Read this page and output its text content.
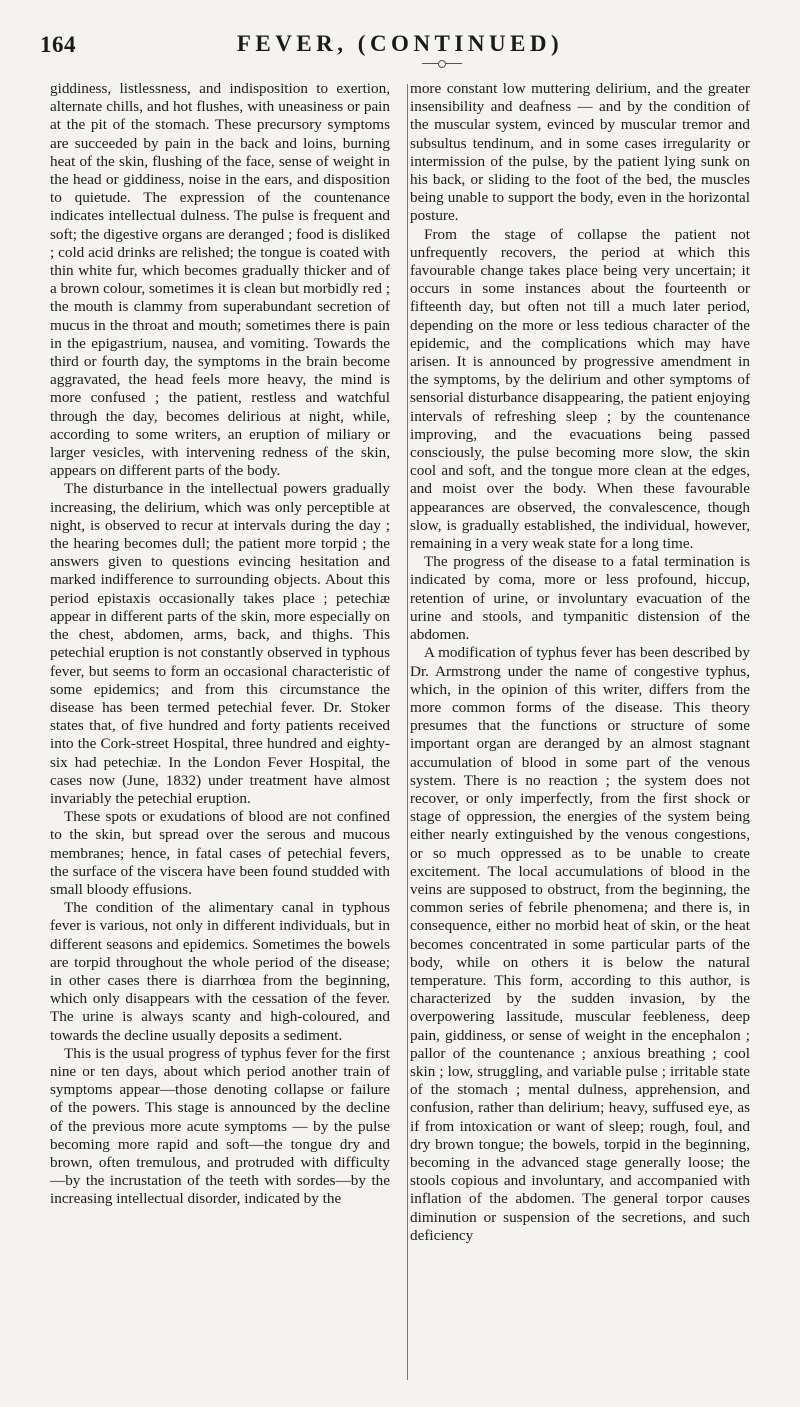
164	FEVER, (CONTINUED)

giddiness, listlessness, and indisposition to exertion, alternate chills, and hot flushes, with uneasiness or pain at the pit of the stomach. These precursory symptoms are succeeded by pain in the back and loins, burning heat of the skin, flushing of the face, sense of weight in the head or giddiness, noise in the ears, and disposition to quietude. The expression of the countenance indicates intellectual dulness. The pulse is frequent and soft; the digestive organs are deranged ; food is disliked ; cold acid drinks are relished; the tongue is coated with thin white fur, which becomes gradually thicker and of a brown colour, sometimes it is clean but morbidly red ; the mouth is clammy from superabundant secretion of mucus in the throat and mouth; sometimes there is pain in the epigastrium, nausea, and vomiting. Towards the third or fourth day, the symptoms in the brain become aggravated, the head feels more heavy, the mind is more confused ; the patient, restless and watchful through the day, becomes delirious at night, while, according to some writers, an eruption of miliary or larger vesicles, with intervening redness of the skin, appears on different parts of the body.

The disturbance in the intellectual powers gradually increasing, the delirium, which was only perceptible at night, is observed to recur at intervals during the day ; the hearing becomes dull; the patient more torpid ; the answers given to questions evincing hesitation and marked indifference to surrounding objects. About this period epistaxis occasionally takes place ; petechiæ appear in different parts of the skin, more especially on the chest, abdomen, arms, back, and thighs. This petechial eruption is not constantly observed in typhous fever, but seems to form an occasional characteristic of some epidemics; and from this circumstance the disease has been termed petechial fever. Dr. Stoker states that, of five hundred and forty patients received into the Cork-street Hospital, three hundred and eighty-six had petechiæ. In the London Fever Hospital, the cases now (June, 1832) under treatment have almost invariably the petechial eruption.

These spots or exudations of blood are not confined to the skin, but spread over the serous and mucous membranes; hence, in fatal cases of petechial fevers, the surface of the viscera have been found studded with small bloody effusions.

The condition of the alimentary canal in typhous fever is various, not only in different individuals, but in different seasons and epidemics. Sometimes the bowels are torpid throughout the whole period of the disease; in other cases there is diarrhœa from the beginning, which only disappears with the cessation of the fever. The urine is always scanty and high-coloured, and towards the decline usually deposits a sediment.

This is the usual progress of typhus fever for the first nine or ten days, about which period another train of symptoms appear—those denoting collapse or failure of the powers. This stage is announced by the decline of the previous more acute symptoms — by the pulse becoming more rapid and soft—the tongue dry and brown, often tremulous, and protruded with difficulty—by the incrustation of the teeth with sordes—by the increasing intellectual disorder, indicated by the

more constant low muttering delirium, and the greater insensibility and deafness — and by the condition of the muscular system, evinced by muscular tremor and subsultus tendinum, and in some cases irregularity or intermission of the pulse, by the patient lying sunk on his back, or sliding to the foot of the bed, the muscles being unable to support the body, even in the horizontal posture.

From the stage of collapse the patient not unfrequently recovers, the period at which this favourable change takes place being very uncertain; it occurs in some instances about the fourteenth or fifteenth day, but often not till a much later period, depending on the more or less tedious character of the epidemic, and the complications which may have arisen. It is announced by progressive amendment in the symptoms, by the delirium and other symptoms of sensorial disturbance disappearing, the patient enjoying intervals of refreshing sleep ; by the countenance improving, and the evacuations being passed consciously, the pulse becoming more slow, the skin cool and soft, and the tongue more clean at the edges, and moist over the body. When these favourable appearances are observed, the convalescence, though slow, is gradually established, the individual, however, remaining in a very weak state for a long time.

The progress of the disease to a fatal termination is indicated by coma, more or less profound, hiccup, retention of urine, or involuntary evacuation of the urine and stools, and tympanitic distension of the abdomen.

A modification of typhus fever has been described by Dr. Armstrong under the name of congestive typhus, which, in the opinion of this writer, differs from the more common forms of the disease. This theory presumes that the functions or structure of some important organ are deranged by an almost stagnant accumulation of blood in some part of the venous system. There is no reaction ; the system does not recover, or only imperfectly, from the first shock or stage of oppression, the energies of the system being either nearly extinguished by the venous congestions, or so much oppressed as to be unable to create excitement. The local accumulations of blood in the veins are supposed to obstruct, from the beginning, the common series of febrile phenomena; and there is, in consequence, either no morbid heat of skin, or the heat becomes concentrated in some particular parts of the body, while on others it is below the natural temperature. This form, according to this author, is characterized by the sudden invasion, by the overpowering lassitude, muscular feebleness, deep pain, giddiness, or sense of weight in the encephalon ; pallor of the countenance ; anxious breathing ; cool skin ; low, struggling, and variable pulse ; irritable state of the stomach ; mental dulness, apprehension, and confusion, rather than delirium; heavy, suffused eye, as if from intoxication or want of sleep; rough, foul, and dry brown tongue; the bowels, torpid in the beginning, becoming in the advanced stage generally loose; the stools copious and involuntary, and accompanied with inflation of the abdomen. The general torpor causes diminution or suspension of the secretions, and such deficiency
